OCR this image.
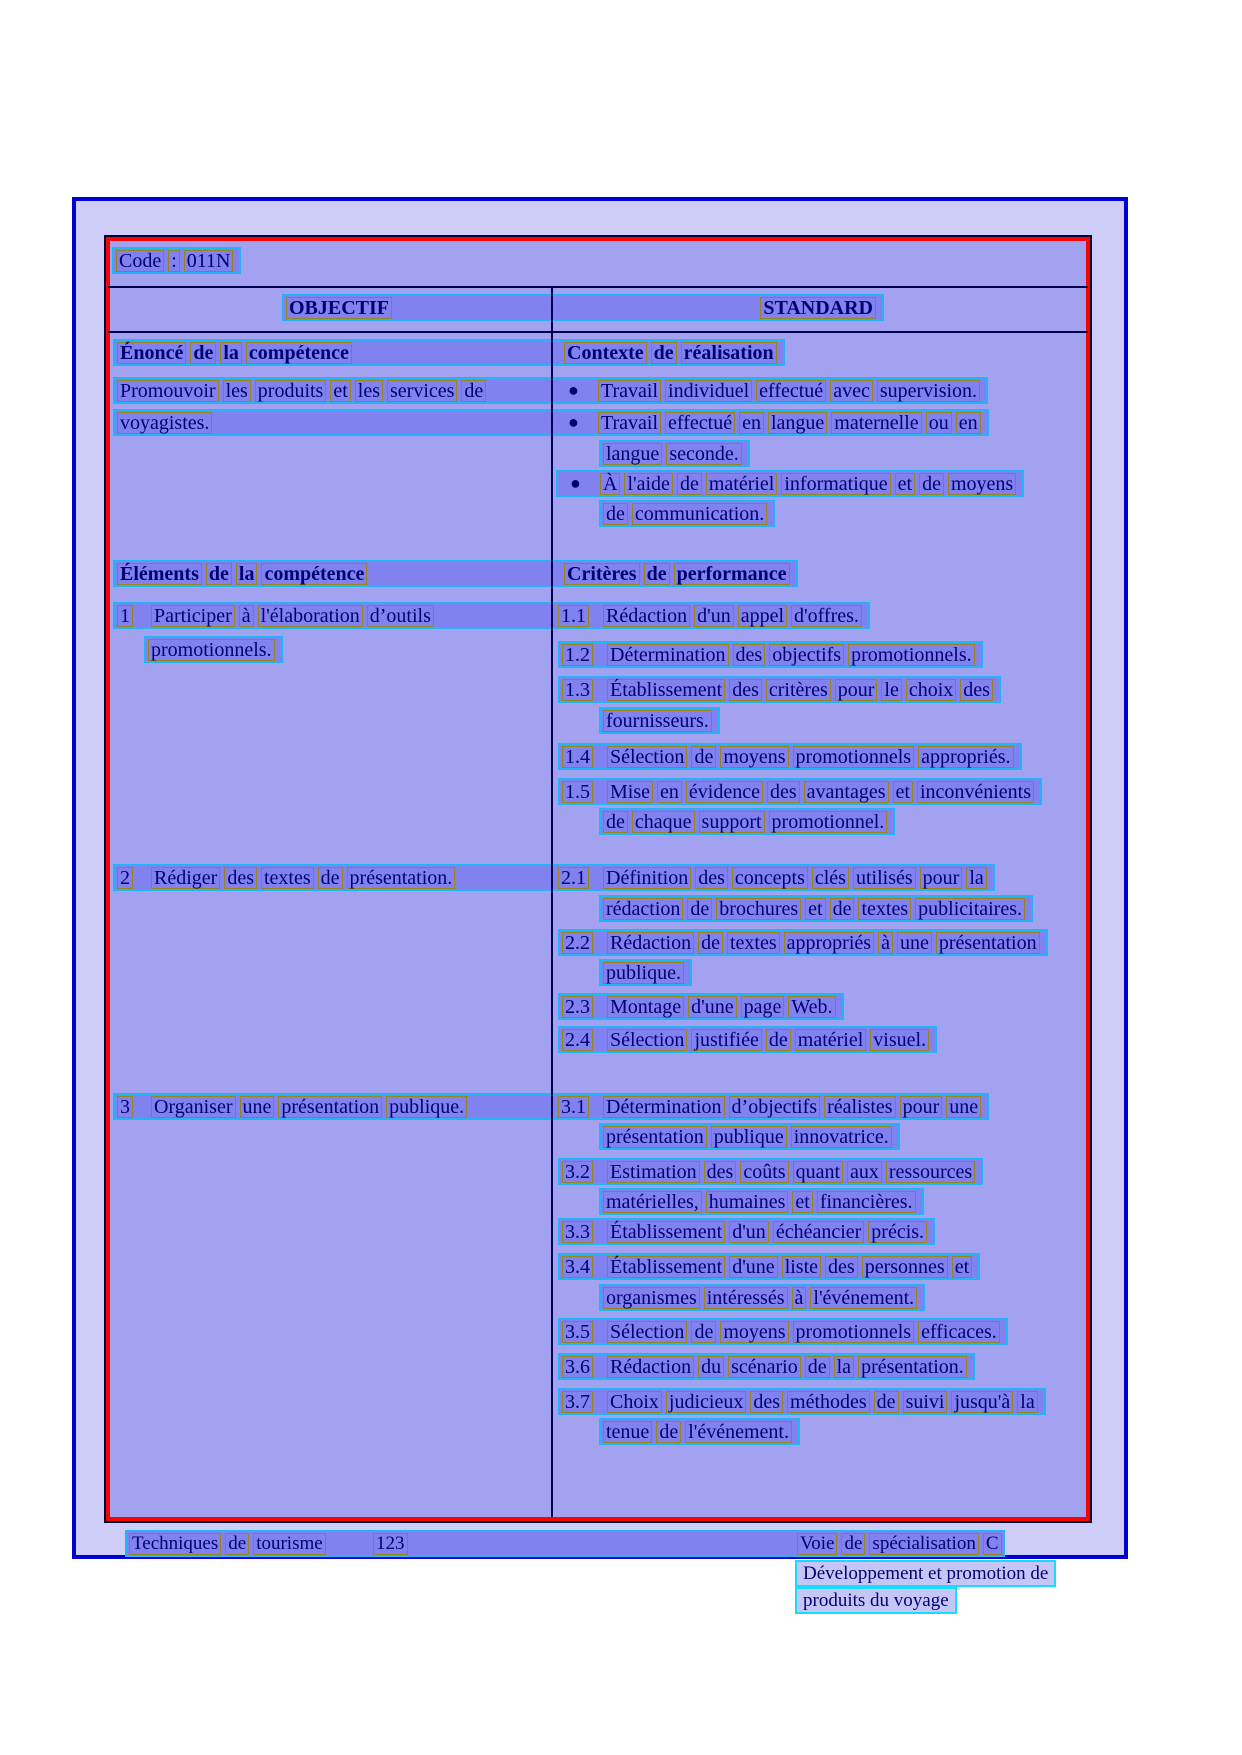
Code : 011N
OBJECTIF	STANDARD
Énoncé de la compétence	Contexte de réalisation
Promouvoir les produits et les services de	●	Travail individuel effectué avec supervision.
voyagistes.	●	Travail effectué en langue maternelle ou en
langue seconde.
●	À l'aide de matériel informatique et de moyens
de communication.
Éléments de la compétence	Critères de performance
1 Participer à l'élaboration d’outils	1.1 Rédaction d'un appel d'offres.
promotionnels.	1.2 Détermination des objectifs promotionnels.
1.3 Établissement des critères pour le choix des
fournisseurs.
1.4 Sélection de moyens promotionnels appropriés.
1.5 Mise en évidence des avantages et inconvénients
de chaque support promotionnel.
2 Rédiger des textes de présentation.	2.1 Définition des concepts clés utilisés pour la
rédaction de brochures et de textes publicitaires.
2.2 Rédaction de textes appropriés à une présentation
publique.
2.3 Montage d'une page Web.
2.4 Sélection justifiée de matériel visuel.
3 Organiser une présentation publique.	3.1 Détermination d’objectifs réalistes pour une
présentation publique innovatrice.
3.2 Estimation des coûts quant aux ressources
matérielles, humaines et financières.
3.3 Établissement d'un échéancier précis.
3.4 Établissement d'une liste des personnes et
organismes intéressés à l'événement.
3.5 Sélection de moyens promotionnels efficaces.
3.6 Rédaction du scénario de la présentation.
3.7 Choix judicieux des méthodes de suivi jusqu'à la
tenue de l'événement.
Techniques de tourisme	123	Voie de spécialisation C
Développement et promotion de
produits du voyage
